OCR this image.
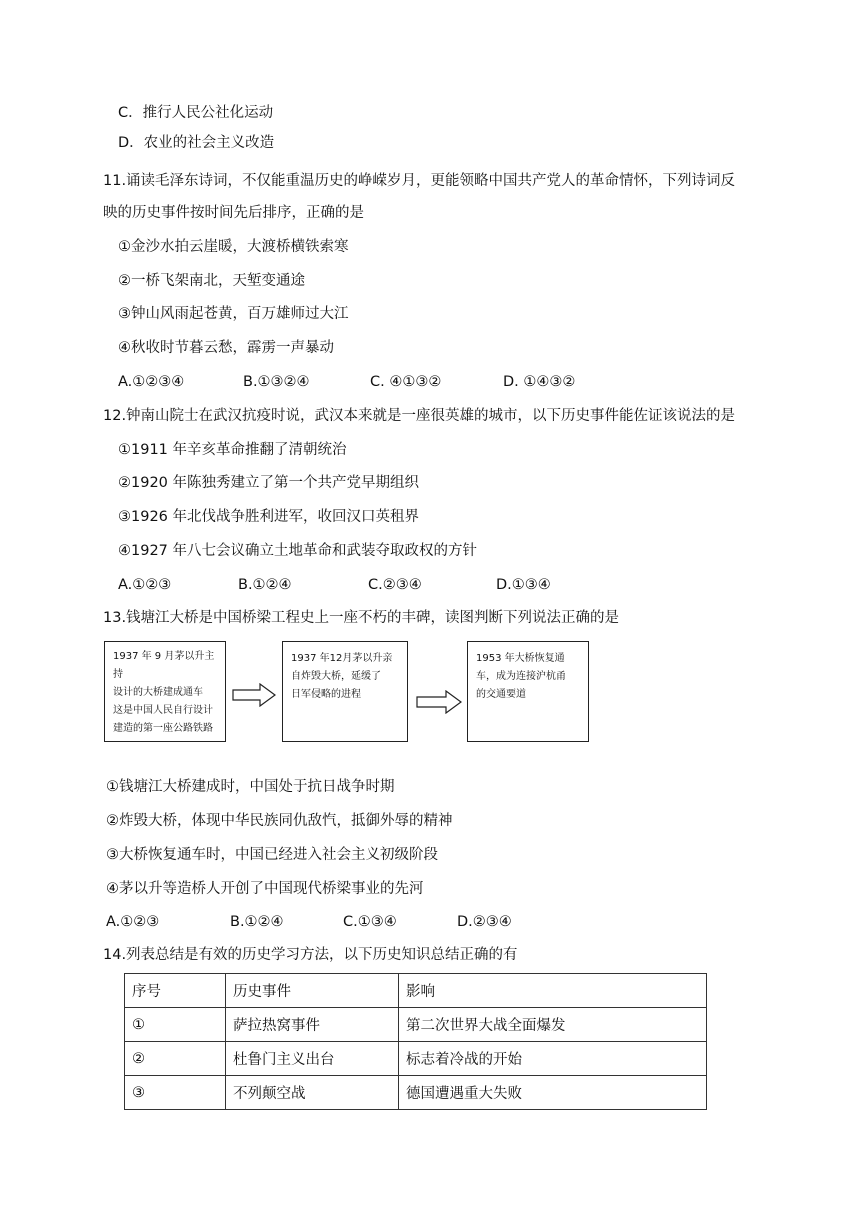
C．推行人民公社化运动
D．农业的社会主义改造
11.诵读毛泽东诗词，不仅能重温历史的峥嵘岁月，更能领略中国共产党人的革命情怀，下列诗词反
映的历史事件按时间先后排序，正确的是
①金沙水拍云崖暖，大渡桥横铁索寒
②一桥飞架南北，天堑变通途
③钟山风雨起苍黄，百万雄师过大江
④秋收时节暮云愁，霹雳一声暴动
A.①②③④	B.①③②④	C. ④①③②	D. ①④③②
12.钟南山院士在武汉抗疫时说，武汉本来就是一座很英雄的城市，以下历史事件能佐证该说法的是
①1911 年辛亥革命推翻了清朝统治
②1920 年陈独秀建立了第一个共产党早期组织
③1926 年北伐战争胜利进军，收回汉口英租界
④1927 年八七会议确立土地革命和武装夺取政权的方针
A.①②③	B.①②④	C.②③④	D.①③④
13.钱塘江大桥是中国桥梁工程史上一座不朽的丰碑，读图判断下列说法正确的是
1937 年 9 月茅以升主持
设计的大桥建成通车
这是中国人民自行设计
建造的第一座公路铁路
1937 年12月茅以升亲
自炸毁大桥，延缓了
日军侵略的进程
1953 年大桥恢复通
车，成为连接沪杭甬
的交通要道
①钱塘江大桥建成时，中国处于抗日战争时期
②炸毁大桥，体现中华民族同仇敌忾，抵御外辱的精神
③大桥恢复通车时，中国已经进入社会主义初级阶段
④茅以升等造桥人开创了中国现代桥梁事业的先河
A.①②③	B.①②④	C.①③④	D.②③④
14.列表总结是有效的历史学习方法，以下历史知识总结正确的有
序号	历史事件	影响
①	萨拉热窝事件	第二次世界大战全面爆发
②	杜鲁门主义出台	标志着冷战的开始
③	不列颠空战	德国遭遇重大失败
